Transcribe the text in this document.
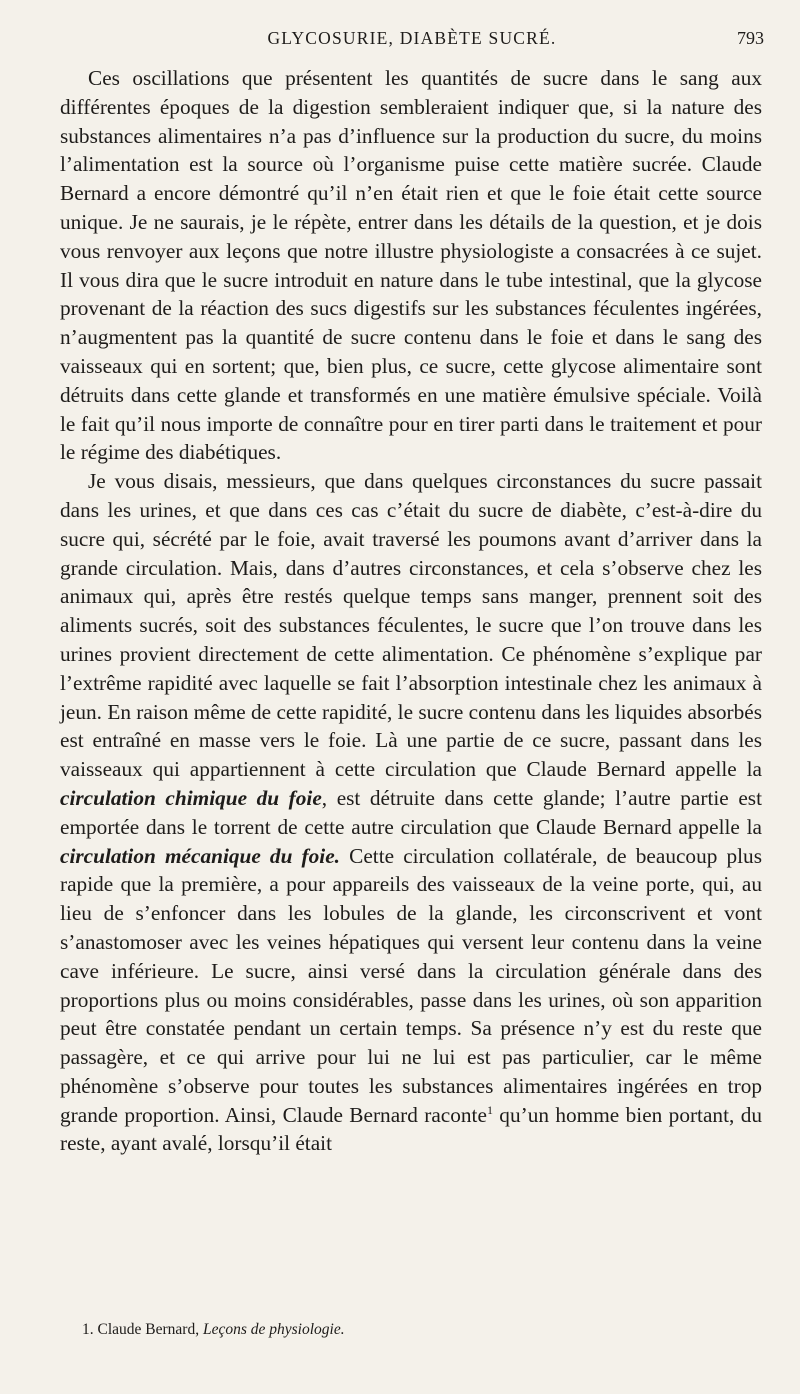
GLYCOSURIE, DIABÈTE SUCRÉ.	793

Ces oscillations que présentent les quantités de sucre dans le sang aux différentes époques de la digestion sembleraient indiquer que, si la nature des substances alimentaires n’a pas d’influence sur la production du sucre, du moins l’alimentation est la source où l’organisme puise cette matière sucrée. Claude Bernard a encore démontré qu’il n’en était rien et que le foie était cette source unique. Je ne saurais, je le répète, entrer dans les détails de la question, et je dois vous renvoyer aux leçons que notre illustre physiologiste a consacrées à ce sujet. Il vous dira que le sucre introduit en nature dans le tube intestinal, que la glycose provenant de la réaction des sucs digestifs sur les substances féculentes ingérées, n’augmentent pas la quantité de sucre contenu dans le foie et dans le sang des vaisseaux qui en sortent; que, bien plus, ce sucre, cette glycose alimentaire sont détruits dans cette glande et transformés en une matière émulsive spéciale. Voilà le fait qu’il nous importe de connaître pour en tirer parti dans le traitement et pour le régime des diabétiques.

Je vous disais, messieurs, que dans quelques circonstances du sucre passait dans les urines, et que dans ces cas c’était du sucre de diabète, c’est-à-dire du sucre qui, sécrété par le foie, avait traversé les poumons avant d’arriver dans la grande circulation. Mais, dans d’autres circonstances, et cela s’observe chez les animaux qui, après être restés quelque temps sans manger, prennent soit des aliments sucrés, soit des substances féculentes, le sucre que l’on trouve dans les urines provient directement de cette alimentation. Ce phénomène s’explique par l’extrême rapidité avec laquelle se fait l’absorption intestinale chez les animaux à jeun. En raison même de cette rapidité, le sucre contenu dans les liquides absorbés est entraîné en masse vers le foie. Là une partie de ce sucre, passant dans les vaisseaux qui appartiennent à cette circulation que Claude Bernard appelle la circulation chimique du foie, est détruite dans cette glande; l’autre partie est emportée dans le torrent de cette autre circulation que Claude Bernard appelle la circulation mécanique du foie. Cette circulation collatérale, de beaucoup plus rapide que la première, a pour appareils des vaisseaux de la veine porte, qui, au lieu de s’enfoncer dans les lobules de la glande, les circonscrivent et vont s’anastomoser avec les veines hépatiques qui versent leur contenu dans la veine cave inférieure. Le sucre, ainsi versé dans la circulation générale dans des proportions plus ou moins considérables, passe dans les urines, où son apparition peut être constatée pendant un certain temps. Sa présence n’y est du reste que passagère, et ce qui arrive pour lui ne lui est pas particulier, car le même phénomène s’observe pour toutes les substances alimentaires ingérées en trop grande proportion. Ainsi, Claude Bernard raconte$^1$ qu’un homme bien portant, du reste, ayant avalé, lorsqu’il était

1. Claude Bernard, Leçons de physiologie.
